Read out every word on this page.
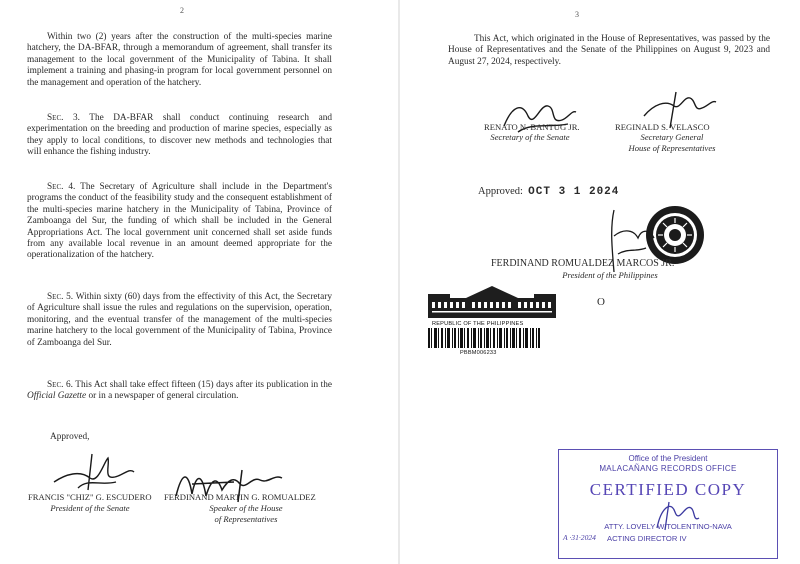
2

Within two (2) years after the construction of the multi-species marine hatchery, the DA-BFAR, through a memorandum of agreement, shall transfer its management to the local government of the Municipality of Tabina. It shall implement a training and phasing-in program for local government personnel on the management and operation of the hatchery.

Sec. 3. The DA-BFAR shall conduct continuing research and experimentation on the breeding and production of marine species, especially as they apply to local conditions, to discover new methods and technologies that will enhance the fishing industry.

Sec. 4. The Secretary of Agriculture shall include in the Department's programs the conduct of the feasibility study and the consequent establishment of the multi-species marine hatchery in the Municipality of Tabina, Province of Zamboanga del Sur, the funding of which shall be included in the General Appropriations Act. The local government unit concerned shall set aside funds from any available local revenue in an amount deemed appropriate for the operationalization of the hatchery.

Sec. 5. Within sixty (60) days from the effectivity of this Act, the Secretary of Agriculture shall issue the rules and regulations on the supervision, operation, monitoring, and the eventual transfer of the management of the multi-species marine hatchery to the local government of the Municipality of Tabina, Province of Zamboanga del Sur.

Sec. 6. This Act shall take effect fifteen (15) days after its publication in the Official Gazette or in a newspaper of general circulation.

Approved,
FRANCIS "CHIZ" G. ESCUDERO
President of the Senate
FERDINAND MARTIN G. ROMUALDEZ
Speaker of the House
of Representatives
3

This Act, which originated in the House of Representatives, was passed by the House of Representatives and the Senate of the Philippines on August 9, 2023 and August 27, 2024, respectively.

RENATO N. BANTUG JR.
Secretary of the Senate
REGINALD S. VELASCO
Secretary General
House of Representatives
Approved: OCT 3 1 2024
FERDINAND ROMUALDEZ MARCOS JR.
President of the Philippines
O
REPUBLIC OF THE PHILIPPINES
PBBM006233
Office of the President
MALACAÑANG RECORDS OFFICE
CERTIFIED COPY
ATTY. LOVELY W TOLENTINO-NAVA
ACTING DIRECTOR IV
A ·31·2024
